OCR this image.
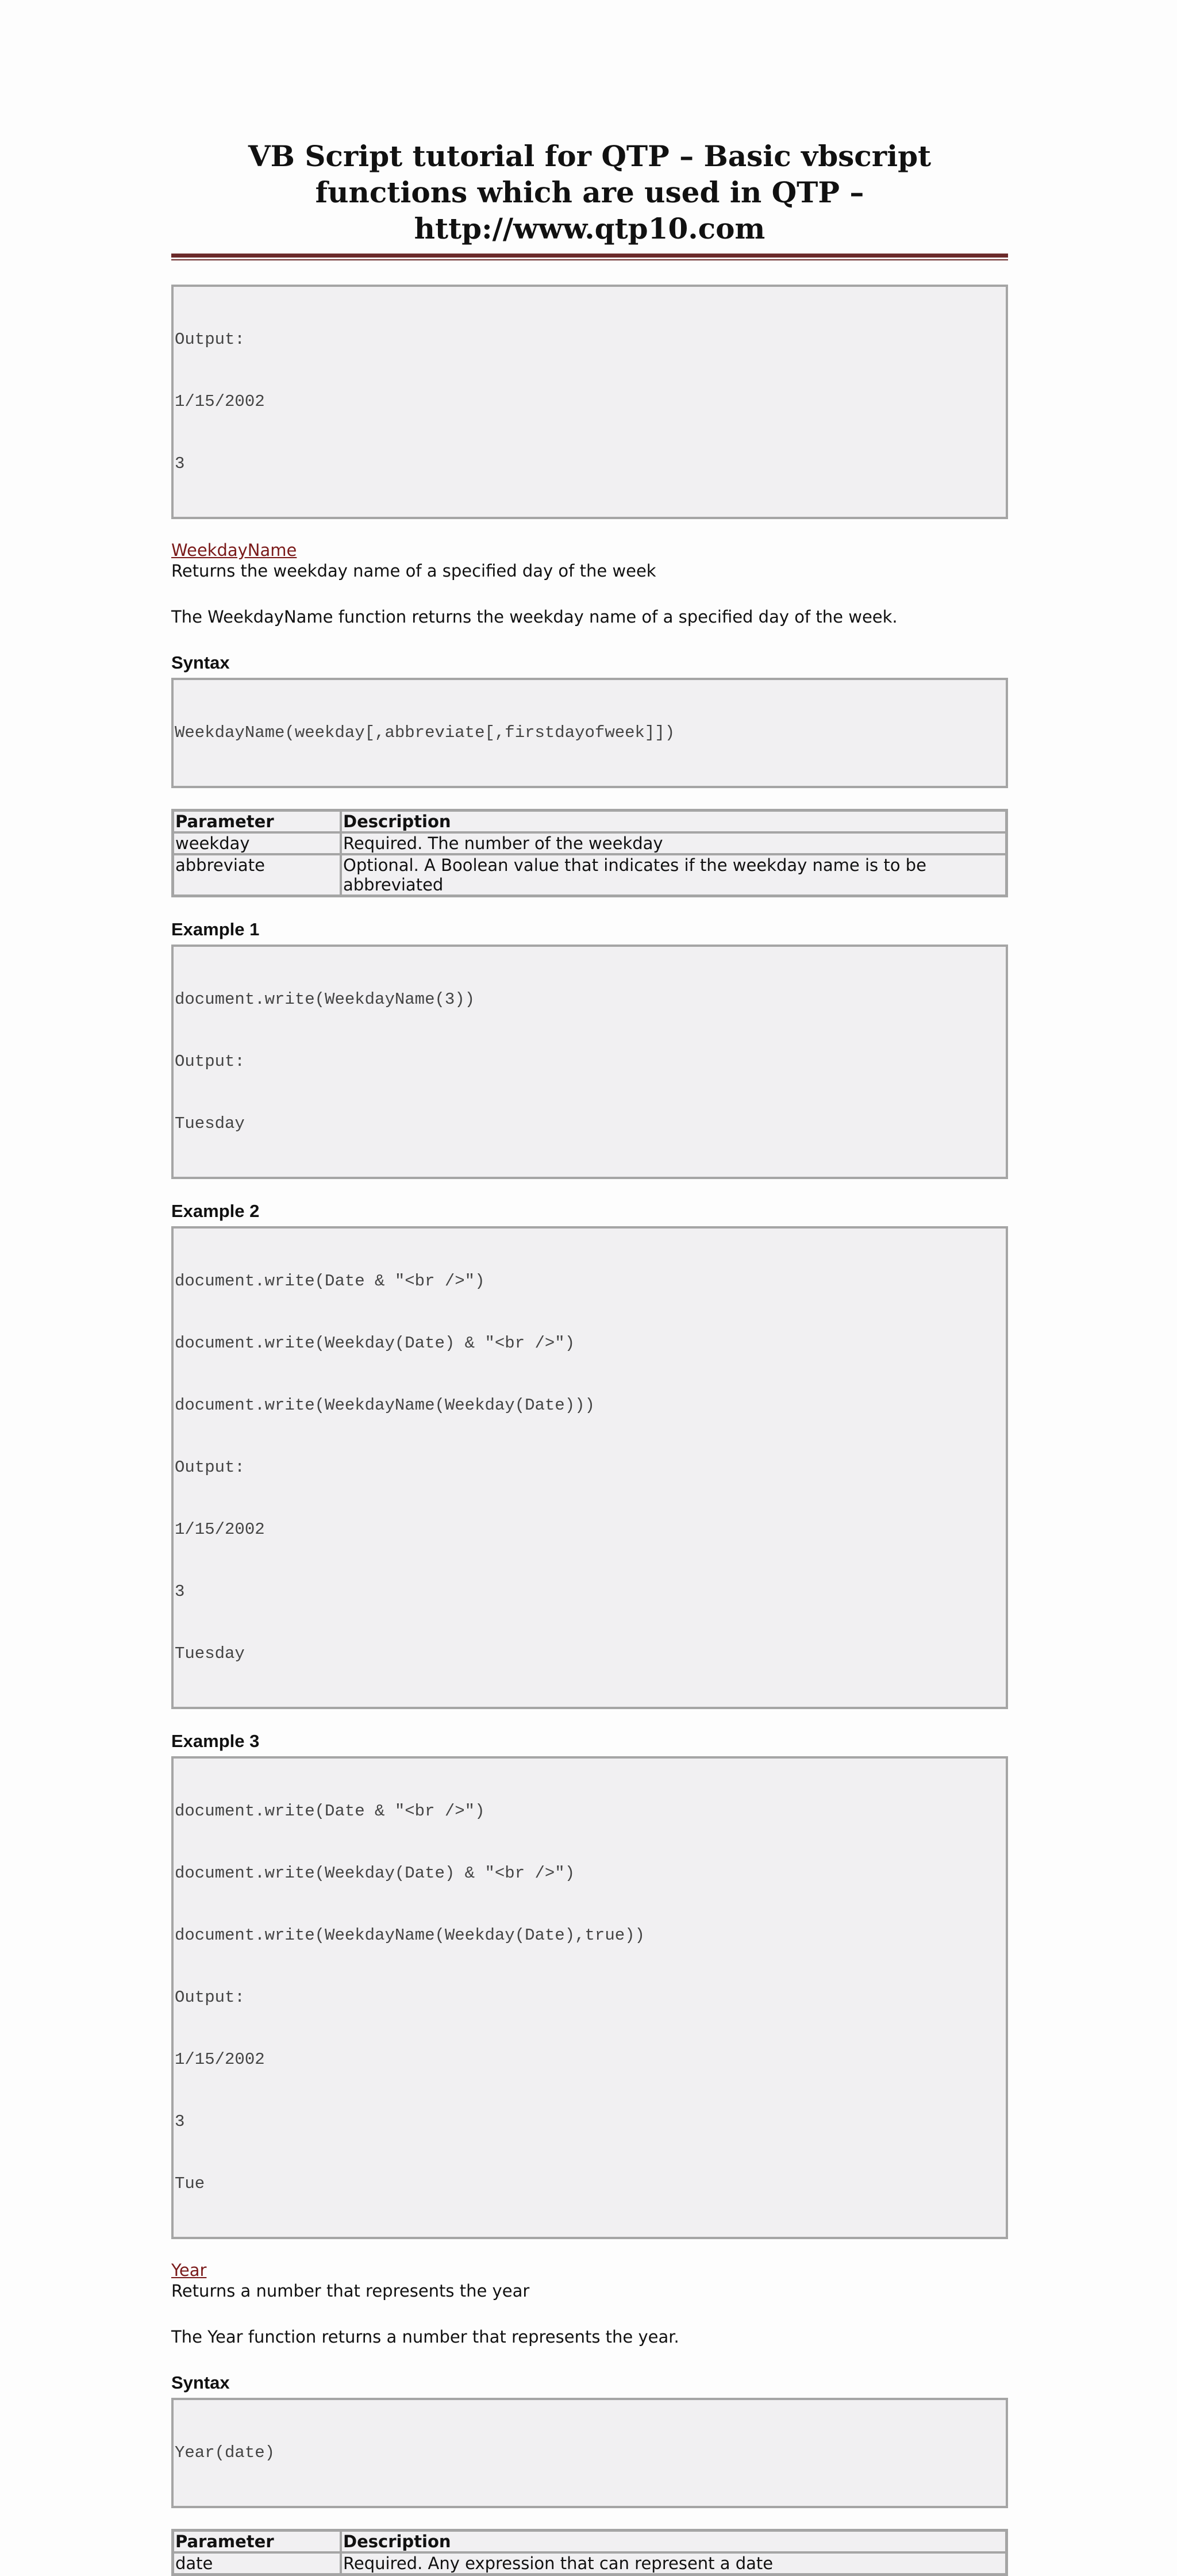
VB Script tutorial for QTP – Basic vbscript functions which are used in QTP – http://www.qtp10.com

Output:

1/15/2002

3

WeekdayName
Returns the weekday name of a specified day of the week
The WeekdayName function returns the weekday name of a specified day of the week.
Syntax

WeekdayName(weekday[,abbreviate[,firstdayofweek]])

Parameter	Description
weekday	Required. The number of the weekday
abbreviate	Optional. A Boolean value that indicates if the weekday name is to be abbreviated
Example 1

document.write(WeekdayName(3))

Output:

Tuesday

Example 2

document.write(Date & "<br />")

document.write(Weekday(Date) & "<br />")

document.write(WeekdayName(Weekday(Date)))

Output:

1/15/2002

3

Tuesday

Example 3

document.write(Date & "<br />")

document.write(Weekday(Date) & "<br />")

document.write(WeekdayName(Weekday(Date),true))

Output:

1/15/2002

3

Tue

Year
Returns a number that represents the year
The Year function returns a number that represents the year.
Syntax

Year(date)

Parameter	Description
date	Required. Any expression that can represent a date
